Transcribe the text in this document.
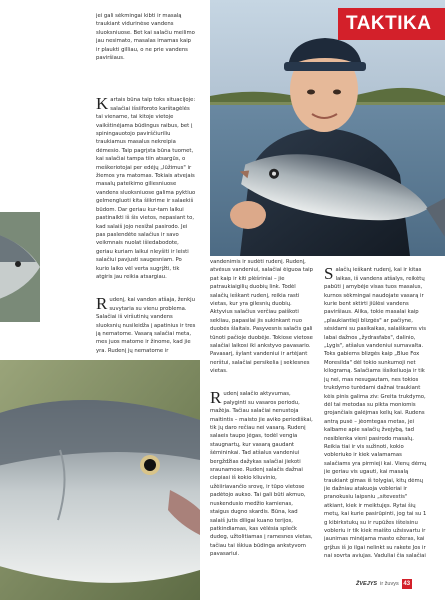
TAKTIKA
jei gali sėkmingai kibti ir masalą traukiant vidurinėse vandens sluoksniuose. Bet kai salačiu meilimo jau nesimato, masalas imamas kaip ir plaukti gilliau, o ne prie vandens paviršiaus.

Kartais būna taip toks situacijoje: salačiai išsiiforoto karštagėlės tai viename, tai kitoje vietoje vaikštinėjama būdingus raibus, bet į spiningauotojo pavirščiuriliu traukiamus masalus nekreipia dėmesio. Taip pagrįsta būna tuomet, kai salačiai tampa tiin atsargūs, o meškeriotojai per edėjų „lūžimus" ir žiemos yra matomas. Tokiais atvejais masalų pateikimo giliesniuose vandens sluoksniuose galima pyktiuo gelmengluoti kita šiikrime ir salaekiš būdom. Dar geriau kur-tam laikui pastinaikti iš šis vietos, nepasiant to, kad salaiš jojo nesižal pasirodo. Jei pas paslendėte salačius ir savo veikmnais nuolat išiedabodote, geriau kuriam laikui nleyšiti ir leisti salačiui pavjusti saugesniam. Po kurio laiko vėl verta sugrįžti, tik atgiris jau reikia atsargiau.

Rudenj, kai vandon atšaja, ženkju suvytaria su vienu problema. Salačiai iš viršutinių vandens sluoksnių nusileidža į apatinius ir tres ją nematome. Vasarą salačiai meta, mes juos matome ir žinome, kad jie yra. Rudenį jų nematome ir

vandenimis ir sudėti rudenį. Rudenį, atvėsus vandeniui, salačiai ėiguoa taip pat kaip ir kiti plėšriniai – jie patraukiaigilių duobių link. Todėl salačių ieškant rudenį, reikia rasti vietas, kur yra gilesnių duobių. Aktyvius salačius verčiau paiškoti sekliau, papasilai jis sukinkant nuo duobės šlaitais. Pasyvesnis salačis gali tūnoti pačioje duobėje. Tokiose vietose salačiai laikosi iki ankstyvo pavasario. Pavasarį, šylant vandeniui ir artėjant nerštui, salačiai persikelia į seklesnes vietas.

Rudenį salačio aktyvumas, palyginti su vasaros periodu, mažėja. Tačiau salačiai nenustoja maitintis – maisto jie aviko periodiškai, tik jų daro rečiau nei vasarą. Rudenį salaeis taupo jėgas, todėl vengia staugnartų, kur vasarą gaudant šėmininkai. Tad atšalus vandeniui bergždžias dažykas salačiai jiekoti sraunamose. Rudenį salačis dažnai ciepiasi iš kokio kliuvinio, užėiiriavančio srovę, ir tūpo vietose padėtojo aukso. Tai gali būti akmuo, nuskendusio medžio kamienas, staigus dugno skardis. Būna, kad salaiš jutis diligai kuano terijos, patkindiamas, kas vėlėsia splečk dudeg, užtolitiamas į ramesnes vietas, tačiau tai iškiua būdinga ankstyvom pavasariui.

Salačių ieškant rudenį, kai ir kitas laikas, iš vandens atšalys, reikėtų pabūti į amybėje visas tuos masalus, kurnos sėkmingai naudojate vasarą ir kurie bent sktirti jiūlėsi vandens paviršiaus. Alika, tokie masalai kaip „plaukiantieji blizgės" ar pačiyne, sėsidami su pasikaikas, salaiškams vis labai dažnos „žydrasfabs", dalinio, „Lygis", atšalus vandeniui sumavalta. Toks gabiems blizgės kaip „Blue Fox Moresilda" dėl tokio sunkumoji net kilogramą. Salačiams išsikeliuoja ir tik jų nei, mas nesugautam, nes tokios trukdymo turėdami dažnai traukiant kėis pinis galima ziv: Greita trukdymo, dėl tai metodas su pikta moniomis grojančiais galėjmas kelių kai. Rudens antrą pusė – jėomtegas metas, jei kalbame apie salačių žvejybą, tad nesiblenka vieni pasirodo masalų. Reikia tiai ir vis sužinoti, kokio vobleriuko ir kiek valamamas salačiams yra pirmieji kai. Vienų dėmų jie geriau vis ugauti, kai masalą traukiant gimas iš tolygiai, kitų dėmų jie dažniau atakuoja vobleriai ir pranokusiu laipsniu „sitevestis" atkiant, kiek ir meiktujęs. Rytai šių metų, kai kurie pasirūpinti, jog tai su 1 g kibirkstukų su ir rupūžes išteisinu vobleriu ir tik kiek maišto užsisvartu ir jaunimas minėjama masto ežeras, kai grįžus iš jo ilgai nelinkt su rakete Jos ir nai sovrta aviujas. Vaduliai čia salačiai

ŽVEJYS ir žuvys 43
